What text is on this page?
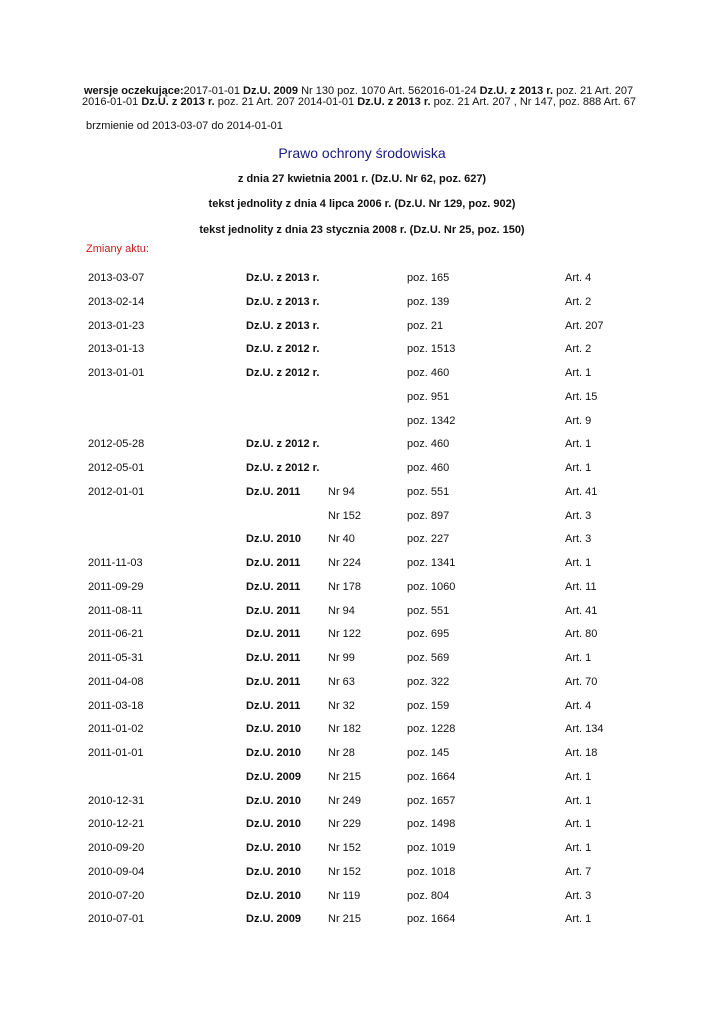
wersje oczekujące:2017-01-01 Dz.U. 2009 Nr 130 poz. 1070 Art. 562016-01-24 Dz.U. z 2013 r. poz. 21 Art. 207
2016-01-01 Dz.U. z 2013 r. poz. 21 Art. 207 2014-01-01 Dz.U. z 2013 r. poz. 21 Art. 207 , Nr 147, poz. 888 Art. 67
brzmienie od 2013-03-07 do 2014-01-01
Prawo ochrony środowiska
z dnia 27 kwietnia 2001 r. (Dz.U. Nr 62, poz. 627)
tekst jednolity z dnia 4 lipca 2006 r. (Dz.U. Nr 129, poz. 902)
tekst jednolity z dnia 23 stycznia 2008 r. (Dz.U. Nr 25, poz. 150)
Zmiany aktu:
2013-03-07	Dz.U. z 2013 r.	poz. 165	Art. 4
2013-02-14	Dz.U. z 2013 r.	poz. 139	Art. 2
2013-01-23	Dz.U. z 2013 r.	poz. 21	Art. 207
2013-01-13	Dz.U. z 2012 r.	poz. 1513	Art. 2
2013-01-01	Dz.U. z 2012 r.	poz. 460	Art. 1
poz. 951	Art. 15
poz. 1342	Art. 9
2012-05-28	Dz.U. z 2012 r.	poz. 460	Art. 1
2012-05-01	Dz.U. z 2012 r.	poz. 460	Art. 1
2012-01-01	Dz.U. 2011	Nr 94	poz. 551	Art. 41
Nr 152	poz. 897	Art. 3
Dz.U. 2010 Nr 40	poz. 227	Art. 3
2011-11-03	Dz.U. 2011	Nr 224	poz. 1341	Art. 1
2011-09-29	Dz.U. 2011	Nr 178	poz. 1060	Art. 11
2011-08-11	Dz.U. 2011	Nr 94	poz. 551	Art. 41
2011-06-21	Dz.U. 2011	Nr 122	poz. 695	Art. 80
2011-05-31	Dz.U. 2011	Nr 99	poz. 569	Art. 1
2011-04-08	Dz.U. 2011	Nr 63	poz. 322	Art. 70
2011-03-18	Dz.U. 2011	Nr 32	poz. 159	Art. 4
2011-01-02	Dz.U. 2010 Nr 182	poz. 1228	Art. 134
2011-01-01	Dz.U. 2010 Nr 28	poz. 145	Art. 18
Dz.U. 2009 Nr 215	poz. 1664	Art. 1
2010-12-31	Dz.U. 2010 Nr 249	poz. 1657	Art. 1
2010-12-21	Dz.U. 2010 Nr 229	poz. 1498	Art. 1
2010-09-20	Dz.U. 2010 Nr 152	poz. 1019	Art. 1
2010-09-04	Dz.U. 2010 Nr 152	poz. 1018	Art. 7
2010-07-20	Dz.U. 2010 Nr 119	poz. 804	Art. 3
2010-07-01	Dz.U. 2009 Nr 215	poz. 1664	Art. 1
